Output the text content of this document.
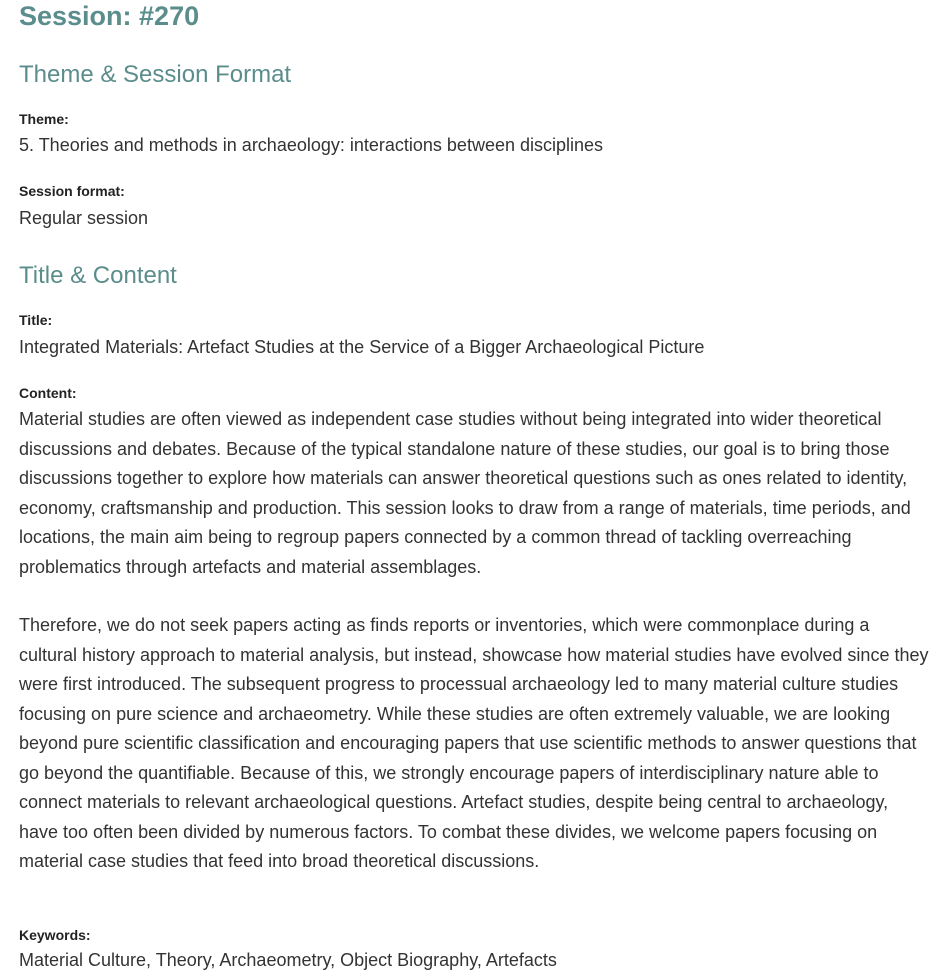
Session: #270
Theme & Session Format
Theme:
5. Theories and methods in archaeology: interactions between disciplines
Session format:
Regular session
Title & Content
Title:
Integrated Materials: Artefact Studies at the Service of a Bigger Archaeological Picture
Content:

Material studies are often viewed as independent case studies without being integrated into wider theoretical discussions and debates. Because of the typical standalone nature of these studies, our goal is to bring those discussions together to explore how materials can answer theoretical questions such as ones related to identity, economy, craftsmanship and production. This session looks to draw from a range of materials, time periods, and locations, the main aim being to regroup papers connected by a common thread of tackling overreaching problematics through artefacts and material assemblages.

Therefore, we do not seek papers acting as finds reports or inventories, which were commonplace during a cultural history approach to material analysis, but instead, showcase how material studies have evolved since they were first introduced. The subsequent progress to processual archaeology led to many material culture studies focusing on pure science and archaeometry. While these studies are often extremely valuable, we are looking beyond pure scientific classification and encouraging papers that use scientific methods to answer questions that go beyond the quantifiable. Because of this, we strongly encourage papers of interdisciplinary nature able to connect materials to relevant archaeological questions. Artefact studies, despite being central to archaeology, have too often been divided by numerous factors. To combat these divides, we welcome papers focusing on material case studies that feed into broad theoretical discussions.

Keywords:
Material Culture, Theory, Archaeometry, Object Biography, Artefacts
